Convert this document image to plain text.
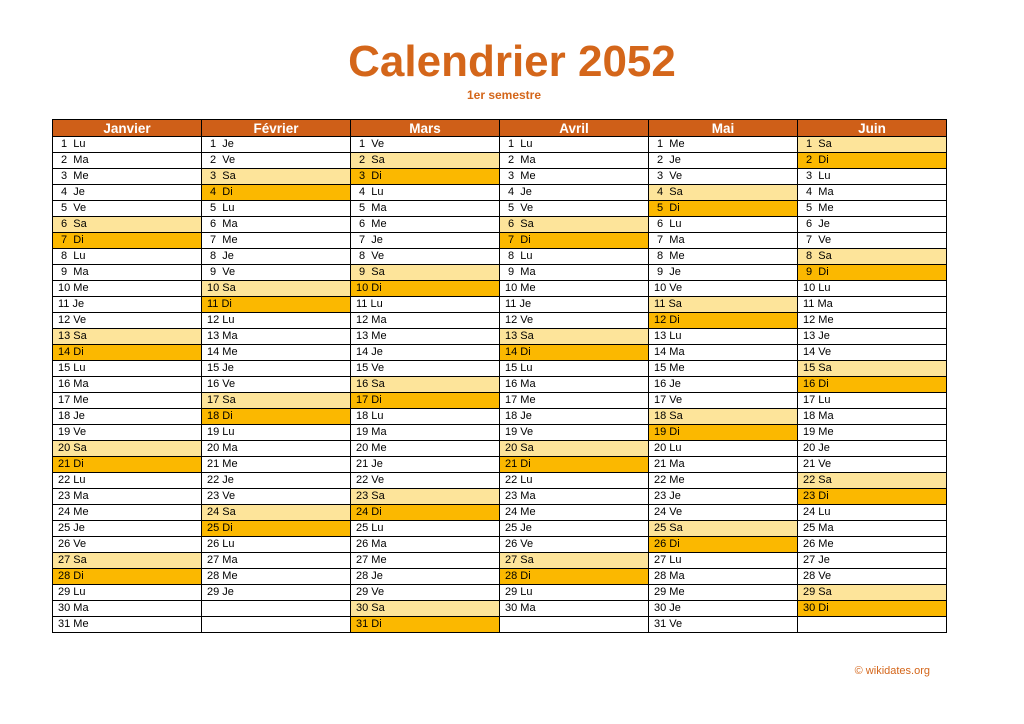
Calendrier 2052
1er semestre
Janvier	Février	Mars	Avril	Mai	Juin
1  Lu	1  Je	1  Ve	1  Lu	1  Me	1  Sa
2  Ma	2  Ve	2  Sa	2  Ma	2  Je	2  Di
3  Me	3  Sa	3  Di	3  Me	3  Ve	3  Lu
4  Je	4  Di	4  Lu	4  Je	4  Sa	4  Ma
5  Ve	5  Lu	5  Ma	5  Ve	5  Di	5  Me
6  Sa	6  Ma	6  Me	6  Sa	6  Lu	6  Je
7  Di	7  Me	7  Je	7  Di	7  Ma	7  Ve
8  Lu	8  Je	8  Ve	8  Lu	8  Me	8  Sa
9  Ma	9  Ve	9  Sa	9  Ma	9  Je	9  Di
10 Me	10 Sa	10 Di	10 Me	10 Ve	10 Lu
11 Je	11 Di	11 Lu	11 Je	11 Sa	11 Ma
12 Ve	12 Lu	12 Ma	12 Ve	12 Di	12 Me
13 Sa	13 Ma	13 Me	13 Sa	13 Lu	13 Je
14 Di	14 Me	14 Je	14 Di	14 Ma	14 Ve
15 Lu	15 Je	15 Ve	15 Lu	15 Me	15 Sa
16 Ma	16 Ve	16 Sa	16 Ma	16 Je	16 Di
17 Me	17 Sa	17 Di	17 Me	17 Ve	17 Lu
18 Je	18 Di	18 Lu	18 Je	18 Sa	18 Ma
19 Ve	19 Lu	19 Ma	19 Ve	19 Di	19 Me
20 Sa	20 Ma	20 Me	20 Sa	20 Lu	20 Je
21 Di	21 Me	21 Je	21 Di	21 Ma	21 Ve
22 Lu	22 Je	22 Ve	22 Lu	22 Me	22 Sa
23 Ma	23 Ve	23 Sa	23 Ma	23 Je	23 Di
24 Me	24 Sa	24 Di	24 Me	24 Ve	24 Lu
25 Je	25 Di	25 Lu	25 Je	25 Sa	25 Ma
26 Ve	26 Lu	26 Ma	26 Ve	26 Di	26 Me
27 Sa	27 Ma	27 Me	27 Sa	27 Lu	27 Je
28 Di	28 Me	28 Je	28 Di	28 Ma	28 Ve
29 Lu	29 Je	29 Ve	29 Lu	29 Me	29 Sa
30 Ma		30 Sa	30 Ma	30 Je	30 Di
31 Me		31 Di		31 Ve	
© wikidates.org
